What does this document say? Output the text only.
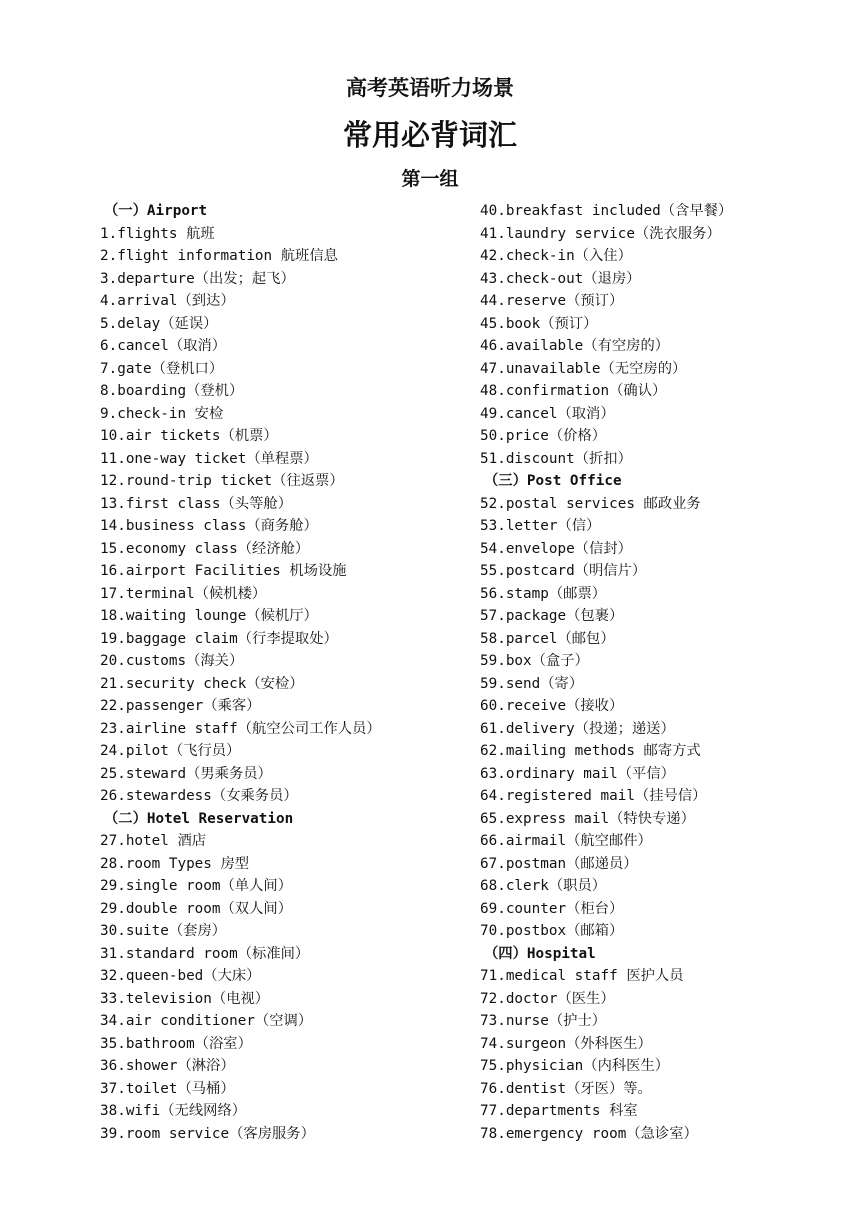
高考英语听力场景
常用必背词汇
第一组
（一）Airport
1.flights 航班
2.flight information 航班信息
3.departure（出发；起飞）
4.arrival（到达）
5.delay（延误）
6.cancel（取消）
7.gate（登机口）
8.boarding（登机）
9.check-in 安检
10.air tickets（机票）
11.one-way ticket（单程票）
12.round-trip ticket（往返票）
13.first class（头等舱）
14.business class（商务舱）
15.economy class（经济舱）
16.airport Facilities 机场设施
17.terminal（候机楼）
18.waiting lounge（候机厅）
19.baggage claim（行李提取处）
20.customs（海关）
21.security check（安检）
22.passenger（乘客）
23.airline staff（航空公司工作人员）
24.pilot（飞行员）
25.steward（男乘务员）
26.stewardess（女乘务员）
（二）Hotel Reservation
27.hotel 酒店
28.room Types 房型
29.single room（单人间）
29.double room（双人间）
30.suite（套房）
31.standard room（标准间）
32.queen-bed（大床）
33.television（电视）
34.air conditioner（空调）
35.bathroom（浴室）
36.shower（淋浴）
37.toilet（马桶）
38.wifi（无线网络）
39.room service（客房服务）
40.breakfast included（含早餐）
41.laundry service（洗衣服务）
42.check-in（入住）
43.check-out（退房）
44.reserve（预订）
45.book（预订）
46.available（有空房的）
47.unavailable（无空房的）
48.confirmation（确认）
49.cancel（取消）
50.price（价格）
51.discount（折扣）
（三）Post Office
52.postal services 邮政业务
53.letter（信）
54.envelope（信封）
55.postcard（明信片）
56.stamp（邮票）
57.package（包裹）
58.parcel（邮包）
59.box（盒子）
59.send（寄）
60.receive（接收）
61.delivery（投递；递送）
62.mailing methods 邮寄方式
63.ordinary mail（平信）
64.registered mail（挂号信）
65.express mail（特快专递）
66.airmail（航空邮件）
67.postman（邮递员）
68.clerk（职员）
69.counter（柜台）
70.postbox（邮箱）
（四）Hospital
71.medical staff 医护人员
72.doctor（医生）
73.nurse（护士）
74.surgeon（外科医生）
75.physician（内科医生）
76.dentist（牙医）等。
77.departments 科室
78.emergency room（急诊室）
